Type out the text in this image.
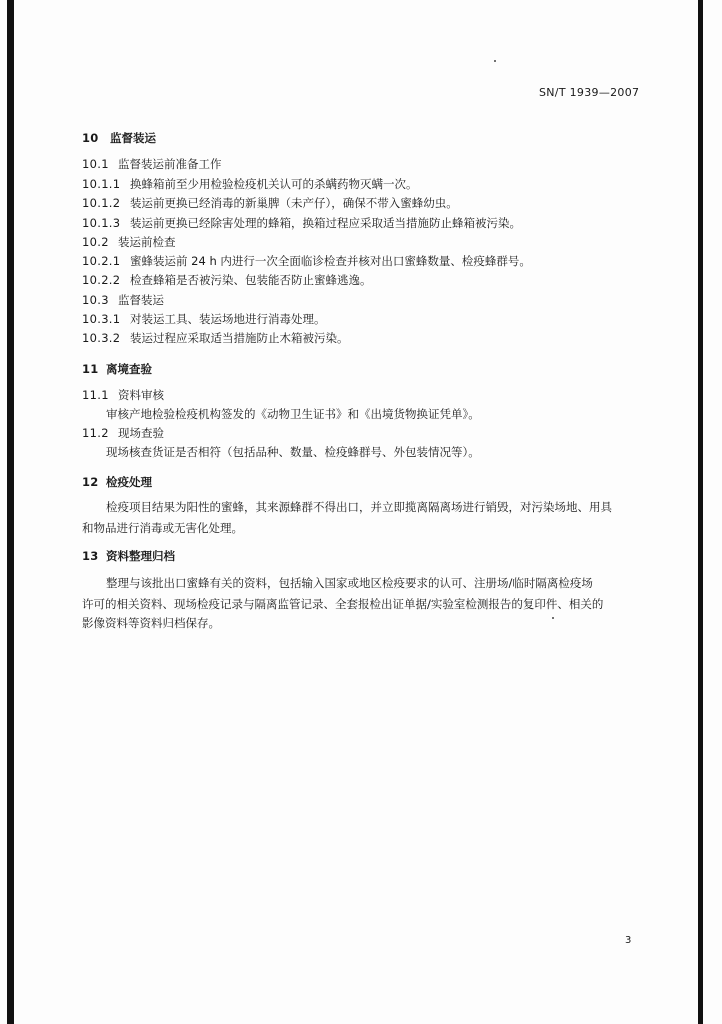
SN/T 1939—2007
10 监督装运
10.1 监督装运前准备工作
10.1.1 换蜂箱前至少用检验检疫机关认可的杀螨药物灭螨一次。
10.1.2 装运前更换已经消毒的新巢脾（未产仔），确保不带入蜜蜂幼虫。
10.1.3 装运前更换已经除害处理的蜂箱，换箱过程应采取适当措施防止蜂箱被污染。
10.2 装运前检查
10.2.1 蜜蜂装运前 24 h 内进行一次全面临诊检查并核对出口蜜蜂数量、检疫蜂群号。
10.2.2 检查蜂箱是否被污染、包装能否防止蜜蜂逃逸。
10.3 监督装运
10.3.1 对装运工具、装运场地进行消毒处理。
10.3.2 装运过程应采取适当措施防止木箱被污染。
11 离境查验
11.1 资料审核
审核产地检验检疫机构签发的《动物卫生证书》和《出境货物换证凭单》。
11.2 现场查验
现场核查货证是否相符（包括品种、数量、检疫蜂群号、外包装情况等）。
12 检疫处理
检疫项目结果为阳性的蜜蜂，其来源蜂群不得出口，并立即揽离隔离场进行销毁，对污染场地、用具
和物品进行消毒或无害化处理。
13 资料整理归档
整理与该批出口蜜蜂有关的资料，包括输入国家或地区检疫要求的认可、注册场/临时隔离检疫场
许可的相关资料、现场检疫记录与隔离监管记录、全套报检出证单据/实验室检测报告的复印件、相关的
影像资料等资料归档保存。
3
